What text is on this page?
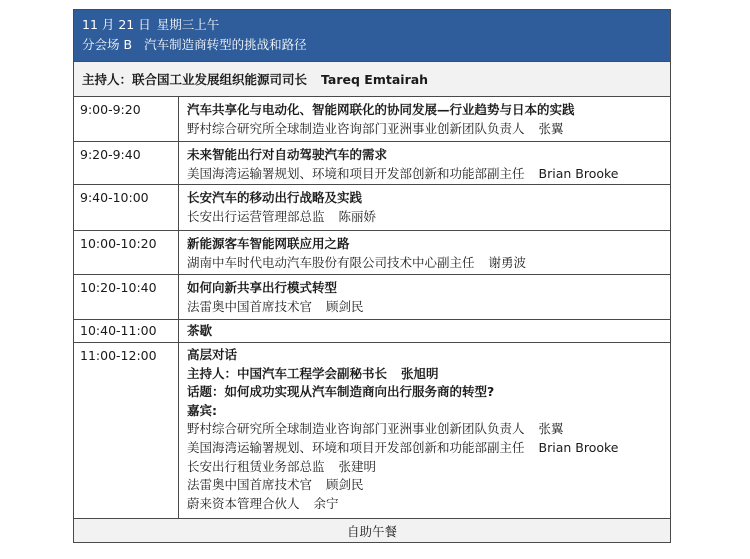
11 月 21 日 星期三上午
分会场 B 汽车制造商转型的挑战和路径
主持人：联合国工业发展组织能源司司长 Tareq Emtairah
9:00-9:20	汽车共享化与电动化、智能网联化的协同发展—行业趋势与日本的实践
野村综合研究所全球制造业咨询部门亚洲事业创新团队负责人 张翼
9:20-9:40	未来智能出行对自动驾驶汽车的需求
美国海湾运输署规划、环境和项目开发部创新和功能部副主任 Brian Brooke
9:40-10:00	长安汽车的移动出行战略及实践
长安出行运营管理部总监 陈丽娇
10:00-10:20	新能源客车智能网联应用之路
湖南中车时代电动汽车股份有限公司技术中心副主任 谢勇波
10:20-10:40	如何向新共享出行模式转型
法雷奥中国首席技术官 顾剑民
10:40-11:00	茶歇
11:00-12:00	高层对话
主持人：中国汽车工程学会副秘书长 张旭明
话题：如何成功实现从汽车制造商向出行服务商的转型?
嘉宾:
野村综合研究所全球制造业咨询部门亚洲事业创新团队负责人 张翼
美国海湾运输署规划、环境和项目开发部创新和功能部副主任 Brian Brooke
长安出行租赁业务部总监 张建明
法雷奥中国首席技术官 顾剑民
蔚来资本管理合伙人 余宁
自助午餐
